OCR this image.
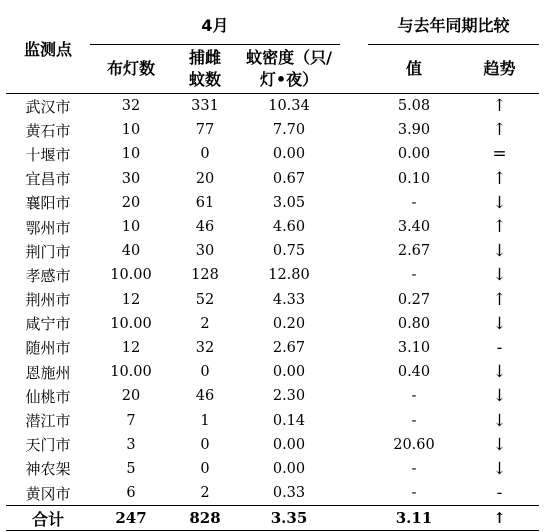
监测点	4月				与去年同期比较	
	布灯数	捕雌蚊数	蚊密度（只/灯•夜）		值	趋势
武汉市	32	331	10.34		5.08	↑
黄石市	10	77	7.70		3.90	↑
十堰市	10	0	0.00		0.00	=
宜昌市	30	20	0.67		0.10	↑
襄阳市	20	61	3.05		-	↓
鄂州市	10	46	4.60		3.40	↑
荆门市	40	30	0.75		2.67	↓
孝感市	10.00	128	12.80		-	↓
荆州市	12	52	4.33		0.27	↑
咸宁市	10.00	2	0.20		0.80	↓
随州市	12	32	2.67		3.10	-
恩施州	10.00	0	0.00		0.40	↓
仙桃市	20	46	2.30		-	↓
潜江市	7	1	0.14		-	↓
天门市	3	0	0.00		20.60	↓
神农架	5	0	0.00		-	↓
黄冈市	6	2	0.33		-	-
合计	247	828	3.35		3.11	↑
